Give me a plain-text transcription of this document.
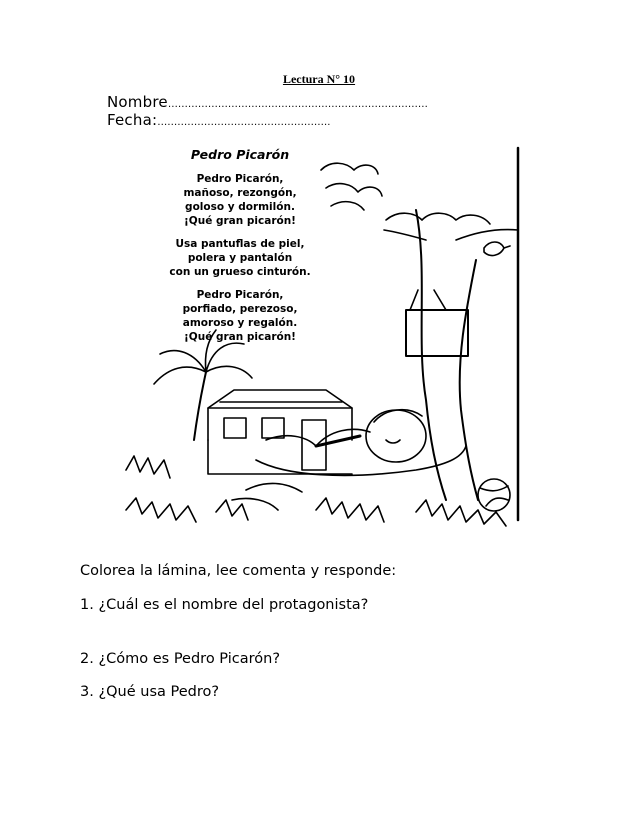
Lectura N° 10
Nombre……………………………………………………………………
Fecha:…………………………………………….
Pedro Picarón
Pedro Picarón,
mañoso, rezongón,
goloso y dormilón.
¡Qué gran picarón!
Usa pantuflas de piel,
polera y pantalón
con un grueso cinturón.
Pedro Picarón,
porfiado, perezoso,
amoroso y regalón.
¡Qué gran picarón!
Colorea la lámina, lee comenta y responde:
1. ¿Cuál es el nombre del protagonista?
2. ¿Cómo es Pedro Picarón?
3. ¿Qué usa Pedro?
